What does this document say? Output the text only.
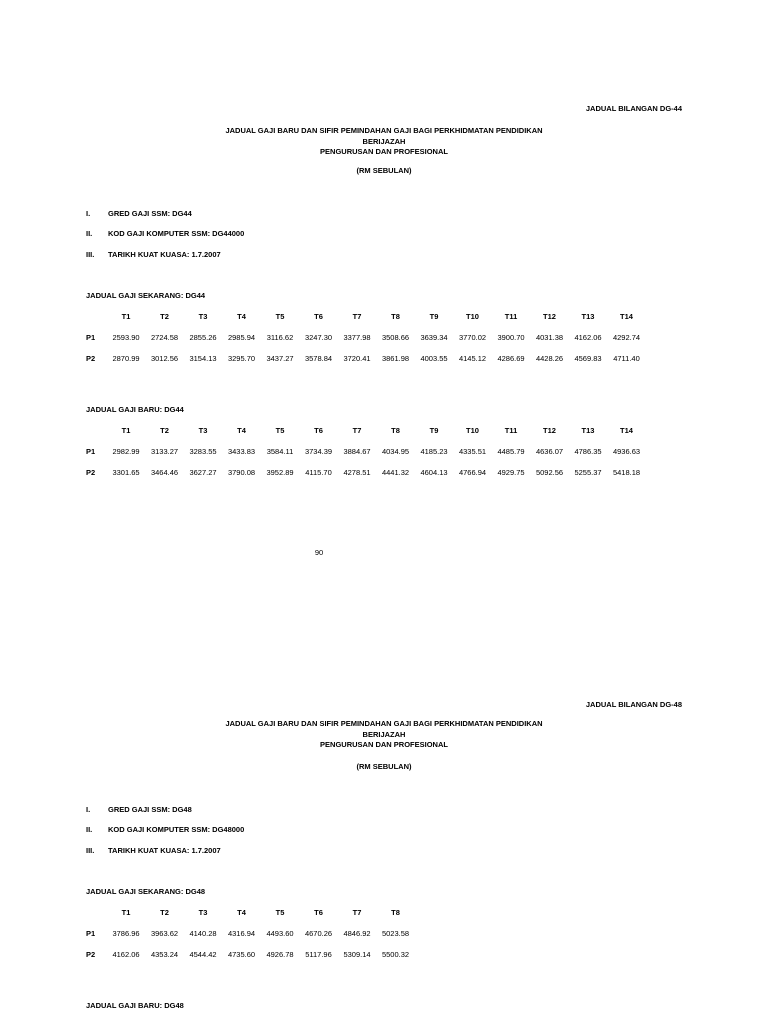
JADUAL BILANGAN DG-44
JADUAL GAJI BARU DAN SIFIR PEMINDAHAN GAJI BAGI PERKHIDMATAN PENDIDIKAN
BERIJAZAH
PENGURUSAN DAN PROFESIONAL
(RM SEBULAN)
I. GRED GAJI SSM: DG44
II. KOD GAJI KOMPUTER SSM: DG44000
III. TARIKH KUAT KUASA: 1.7.2007
JADUAL GAJI SEKARANG: DG44
T1	T2	T3	T4	T5	T6	T7	T8	T9	T10	T11	T12	T13	T14
P1	2593.90	2724.58	2855.26	2985.94	3116.62	3247.30	3377.98	3508.66	3639.34	3770.02	3900.70	4031.38	4162.06	4292.74
P2	2870.99	3012.56	3154.13	3295.70	3437.27	3578.84	3720.41	3861.98	4003.55	4145.12	4286.69	4428.26	4569.83	4711.40
JADUAL GAJI BARU: DG44
T1	T2	T3	T4	T5	T6	T7	T8	T9	T10	T11	T12	T13	T14
P1	2982.99	3133.27	3283.55	3433.83	3584.11	3734.39	3884.67	4034.95	4185.23	4335.51	4485.79	4636.07	4786.35	4936.63
P2	3301.65	3464.46	3627.27	3790.08	3952.89	4115.70	4278.51	4441.32	4604.13	4766.94	4929.75	5092.56	5255.37	5418.18
90
JADUAL BILANGAN DG-48
JADUAL GAJI BARU DAN SIFIR PEMINDAHAN GAJI BAGI PERKHIDMATAN PENDIDIKAN
BERIJAZAH
PENGURUSAN DAN PROFESIONAL
(RM SEBULAN)
I. GRED GAJI SSM: DG48
II. KOD GAJI KOMPUTER SSM: DG48000
III. TARIKH KUAT KUASA: 1.7.2007
JADUAL GAJI SEKARANG: DG48
T1	T2	T3	T4	T5	T6	T7	T8
P1	3786.96	3963.62	4140.28	4316.94	4493.60	4670.26	4846.92	5023.58
P2	4162.06	4353.24	4544.42	4735.60	4926.78	5117.96	5309.14	5500.32
JADUAL GAJI BARU: DG48
